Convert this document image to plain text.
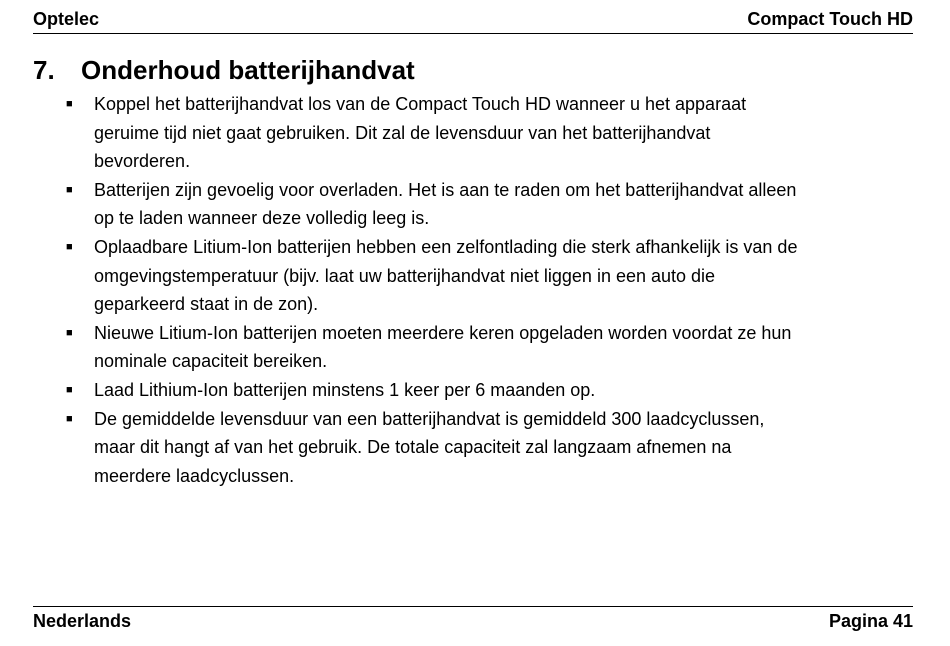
Optelec	Compact Touch HD
7. Onderhoud batterijhandvat
■ Koppel het batterijhandvat los van de Compact Touch HD wanneer u het apparaat
geruime tijd niet gaat gebruiken. Dit zal de levensduur van het batterijhandvat
bevorderen.
■ Batterijen zijn gevoelig voor overladen. Het is aan te raden om het batterijhandvat alleen
op te laden wanneer deze volledig leeg is.
■ Oplaadbare Litium-Ion batterijen hebben een zelfontlading die sterk afhankelijk is van de
omgevingstemperatuur (bijv. laat uw batterijhandvat niet liggen in een auto die
geparkeerd staat in de zon).
■ Nieuwe Litium-Ion batterijen moeten meerdere keren opgeladen worden voordat ze hun
nominale capaciteit bereiken.
■ Laad Lithium-Ion batterijen minstens 1 keer per 6 maanden op.
■ De gemiddelde levensduur van een batterijhandvat is gemiddeld 300 laadcyclussen,
maar dit hangt af van het gebruik. De totale capaciteit zal langzaam afnemen na
meerdere laadcyclussen.
Nederlands	Pagina 41
